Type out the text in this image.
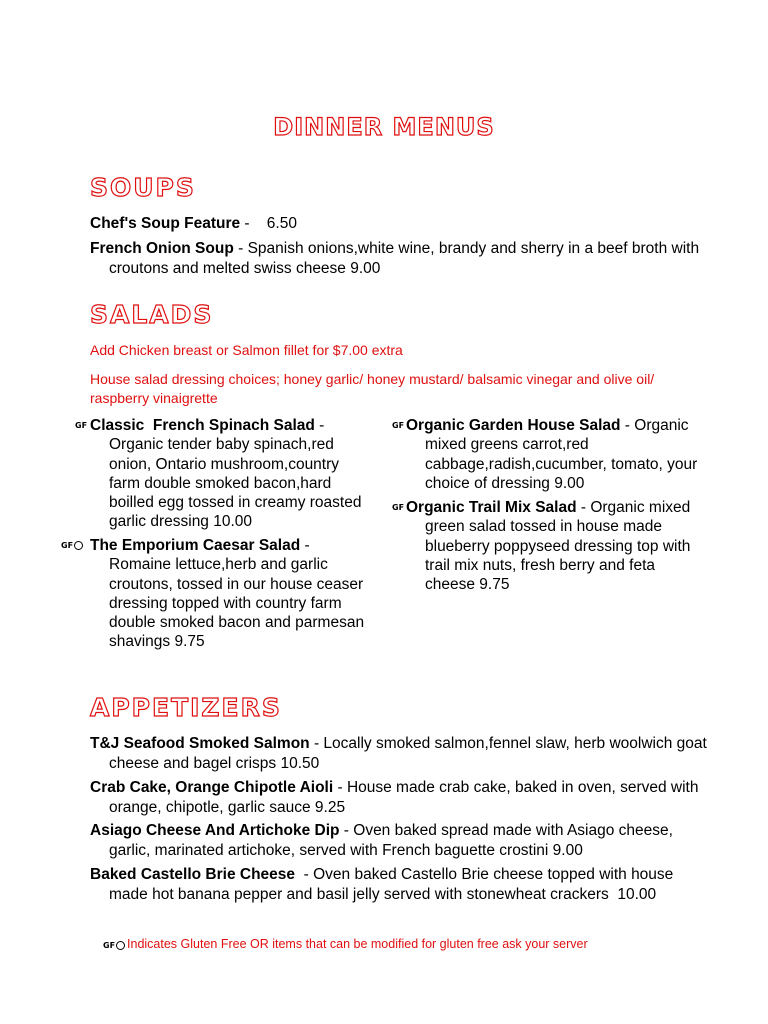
DINNER MENUS
SOUPS
Chef's Soup Feature -    6.50
French Onion Soup - Spanish onions,white wine, brandy and sherry in a beef broth with croutons and melted swiss cheese 9.00
SALADS
Add Chicken breast or Salmon fillet for $7.00 extra
House salad dressing choices; honey garlic/ honey mustard/ balsamic vinegar and olive oil/ raspberry vinaigrette
GF Classic  French Spinach Salad - Organic tender baby spinach,red onion, Ontario mushroom,country farm double smoked bacon,hard boilled egg tossed in creamy roasted garlic dressing 10.00
GF	The Emporium Caesar Salad - Romaine lettuce,herb and garlic croutons, tossed in our house ceaser dressing topped with country farm double smoked bacon and parmesan shavings 9.75
GF Organic Garden House Salad - Organic mixed greens carrot,red cabbage,radish,cucumber, tomato, your choice of dressing 9.00
GF Organic Trail Mix Salad - Organic mixed green salad tossed in house made blueberry poppyseed dressing top with trail mix nuts, fresh berry and feta cheese 9.75
APPETIZERS
T&J Seafood Smoked Salmon - Locally smoked salmon,fennel slaw, herb woolwich goat cheese and bagel crisps 10.50
Crab Cake, Orange Chipotle Aioli - House made crab cake, baked in oven, served with orange, chipotle, garlic sauce 9.25
Asiago Cheese And Artichoke Dip - Oven baked spread made with Asiago cheese, garlic, marinated artichoke, served with French baguette crostini 9.00
Baked Castello Brie Cheese  - Oven baked Castello Brie cheese topped with house made hot banana pepper and basil jelly served with stonewheat crackers  10.00
GF Indicates Gluten Free OR items that can be modified for gluten free ask your server
